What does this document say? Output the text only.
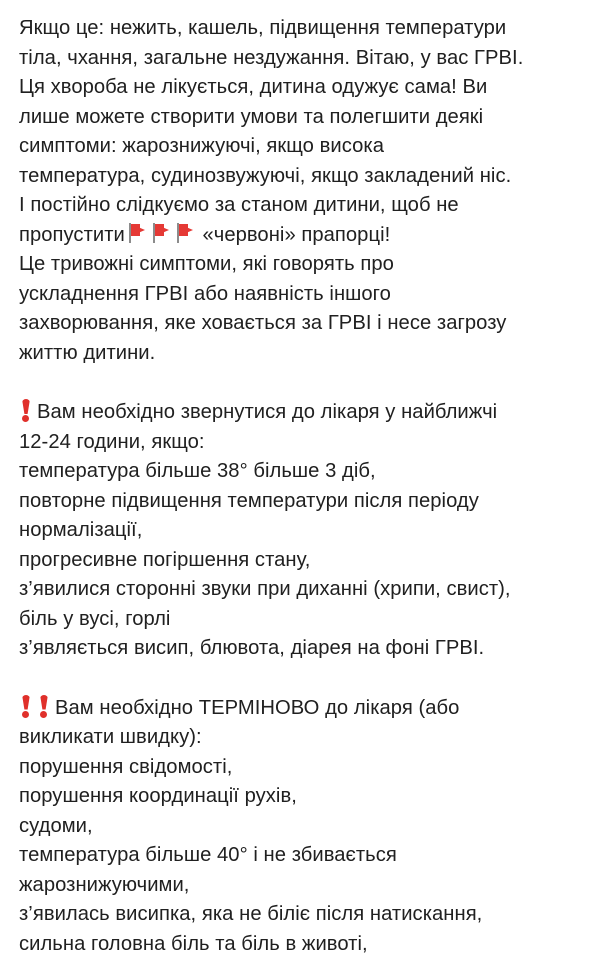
Якщо це: нежить, кашель, підвищення температури
тіла, чхання, загальне нездужання. Вітаю, у вас ГРВІ.
Ця хвороба не лікується, дитина одужує сама! Ви
лише можете створити умови та полегшити деякі
симптоми: жарознижуючі, якщо висока
температура, судинозвужуючі, якщо закладений ніс.
І постійно слідкуємо за станом дитини, щоб не
пропустити	«червоні» прапорці!
Це тривожні симптоми, які говорять про
ускладнення ГРВІ або наявність іншого
захворювання, яке ховається за ГРВІ і несе загрозу
життю дитини.
Вам необхідно звернутися до лікаря у найближчі
12-24 години, якщо:
температура більше 38° більше 3 діб,
повторне підвищення температури після періоду
нормалізації,
прогресивне погіршення стану,
з’явилися сторонні звуки при диханні (хрипи, свист),
біль у вусі, горлі
з’являється висип, блювота, діарея на фоні ГРВІ.
Вам необхідно ТЕРМІНОВО до лікаря (або
викликати швидку):
порушення свідомості,
порушення координації рухів,
судоми,
температура більше 40° і не збивається
жарознижуючими,
з’явилась висипка, яка не біліє після натискання,
сильна головна біль та біль в животі,
